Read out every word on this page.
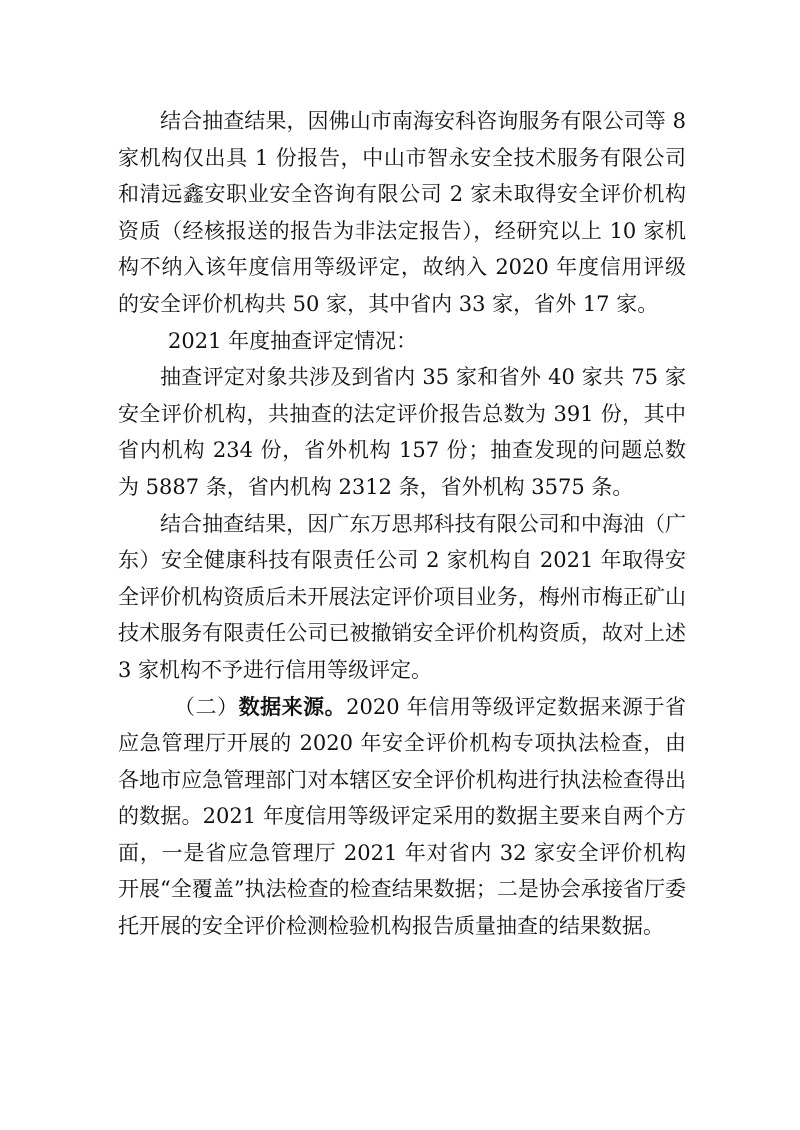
结合抽查结果，因佛山市南海安科咨询服务有限公司等 8 家机构仅出具 1 份报告，中山市智永安全技术服务有限公司和清远鑫安职业安全咨询有限公司 2 家未取得安全评价机构资质（经核报送的报告为非法定报告），经研究以上 10 家机构不纳入该年度信用等级评定，故纳入 2020 年度信用评级的安全评价机构共 50 家，其中省内 33 家，省外 17 家。

2021 年度抽查评定情况：

抽查评定对象共涉及到省内 35 家和省外 40 家共 75 家安全评价机构，共抽查的法定评价报告总数为 391 份，其中省内机构 234 份，省外机构 157 份；抽查发现的问题总数为 5887 条，省内机构 2312 条，省外机构 3575 条。

结合抽查结果，因广东万思邦科技有限公司和中海油（广东）安全健康科技有限责任公司 2 家机构自 2021 年取得安全评价机构资质后未开展法定评价项目业务，梅州市梅正矿山技术服务有限责任公司已被撤销安全评价机构资质，故对上述 3 家机构不予进行信用等级评定。

（二）数据来源。2020 年信用等级评定数据来源于省应急管理厅开展的 2020 年安全评价机构专项执法检查，由各地市应急管理部门对本辖区安全评价机构进行执法检查得出的数据。2021 年度信用等级评定采用的数据主要来自两个方面，一是省应急管理厅 2021 年对省内 32 家安全评价机构开展“全覆盖”执法检查的检查结果数据；二是协会承接省厅委托开展的安全评价检测检验机构报告质量抽查的结果数据。
